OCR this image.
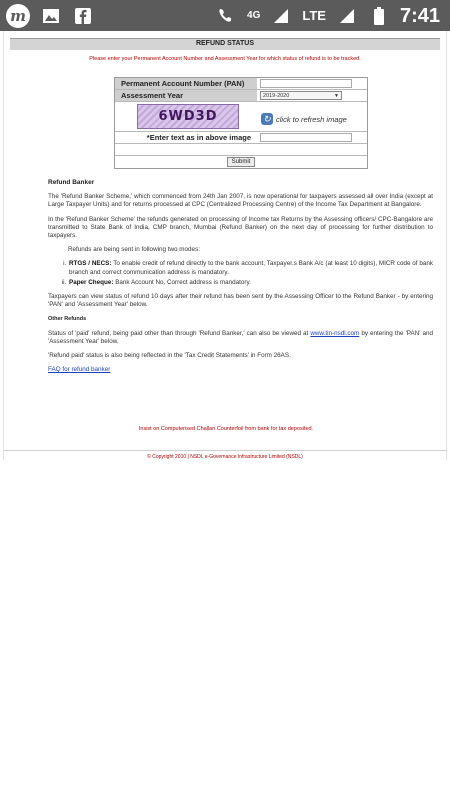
m	4G	LTE	7:41
REFUND STATUS
Please enter your Permanent Account Number and Assessment Year for which status of refund is to be tracked.
Permanent Account Number (PAN)
Assessment Year	2019-2020	▼
6WD3D	↻ click to refresh image
*Enter text as in above image
Submit
Refund Banker

The 'Refund Banker Scheme,' which commenced from 24th Jan 2007, is now operational for taxpayers assessed all over India (except at Large Taxpayer Units) and for returns processed at CPC (Centralized Processing Centre) of the Income Tax Department at Bangalore.

In the 'Refund Banker Scheme' the refunds generated on processing of Income tax Returns by the Assessing officers/ CPC-Bangalore are transmitted to State Bank of India, CMP branch, Mumbai (Refund Banker) on the next day of processing for further distribution to taxpayers.

Refunds are being sent in following two modes:

i. RTGS / NECS: To enable credit of refund directly to the bank account, Taxpayer.s Bank A/c (at least 10 digits), MICR code of bank branch and correct communication address is mandatory.
ii. Paper Cheque: Bank Account No, Correct address is mandatory.

Taxpayers can view status of refund 10 days after their refund has been sent by the Assessing Officer to the Refund Banker - by entering 'PAN' and 'Assessment Year' below.

Other Refunds

Status of 'paid' refund, being paid other than through 'Refund Banker,' can also be viewed at www.tin-nsdl.com by entering the 'PAN' and 'Assessment Year' below.

'Refund paid' status is also being reflected in the 'Tax Credit Statements' in Form 26AS.

FAQ for refund banker

Insist on Computerised Challan Counterfoil from bank for tax deposited.
© Copyright 2010 | NSDL e-Governance Infrastructure Limited (NSDL)
